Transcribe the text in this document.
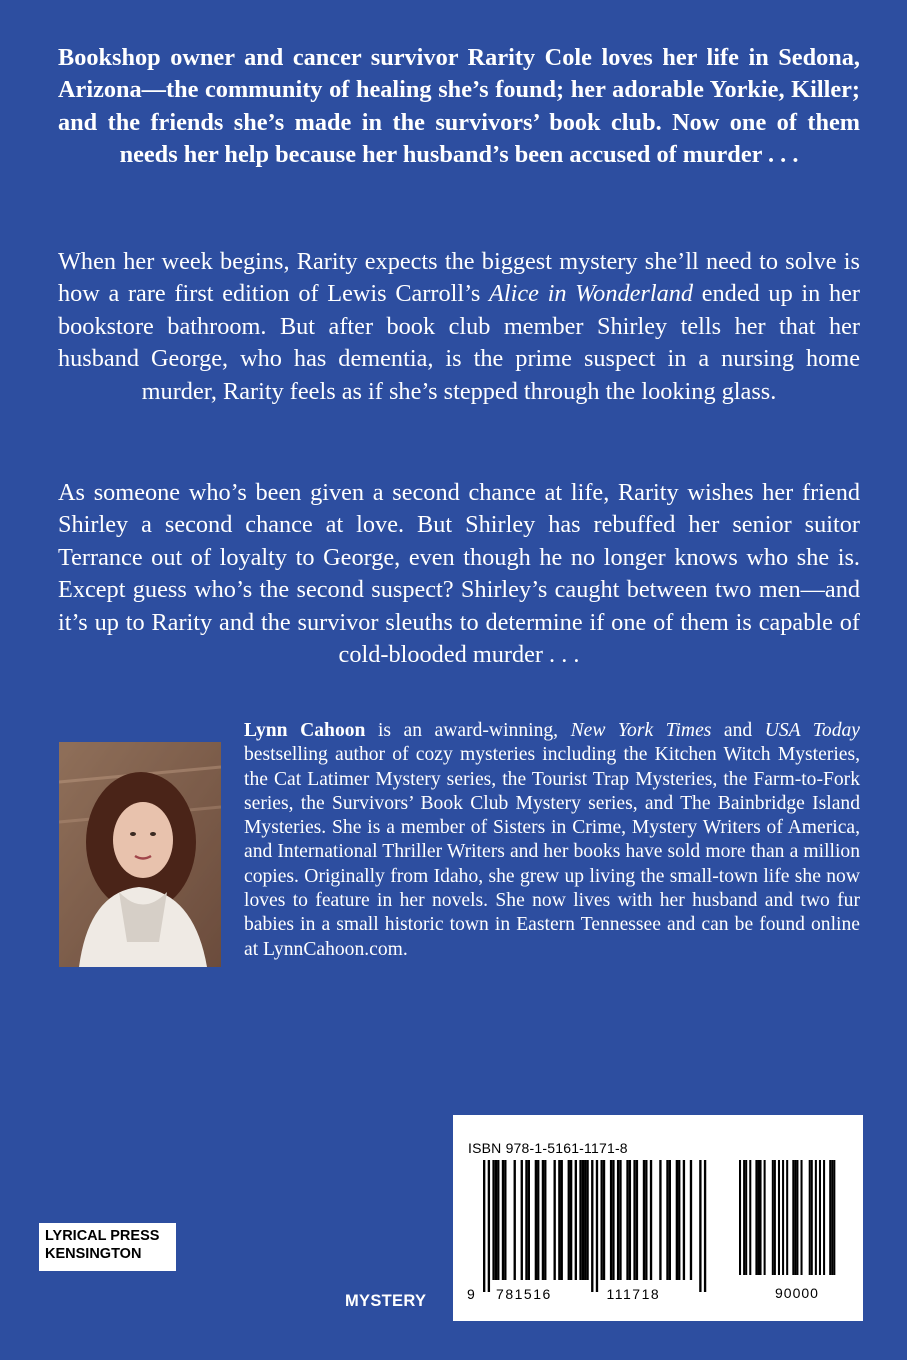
Bookshop owner and cancer survivor Rarity Cole loves her life in Sedona, Arizona—the community of healing she’s found; her adorable Yorkie, Killer; and the friends she’s made in the survivors’ book club. Now one of them needs her help because her husband’s been accused of murder . . .

When her week begins, Rarity expects the biggest mystery she’ll need to solve is how a rare first edition of Lewis Carroll’s Alice in Wonderland ended up in her bookstore bathroom. But after book club member Shirley tells her that her husband George, who has dementia, is the prime suspect in a nursing home murder, Rarity feels as if she’s stepped through the looking glass.

As someone who’s been given a second chance at life, Rarity wishes her friend Shirley a second chance at love. But Shirley has rebuffed her senior suitor Terrance out of loyalty to George, even though he no longer knows who she is. Except guess who’s the second suspect? Shirley’s caught between two men—and it’s up to Rarity and the survivor sleuths to determine if one of them is capable of cold-blooded murder . . .

Lynn Cahoon is an award-winning, New York Times and USA Today bestselling author of cozy mysteries including the Kitchen Witch Mysteries, the Cat Latimer Mystery series, the Tourist Trap Mysteries, the Farm-to-Fork series, the Survivors’ Book Club Mystery series, and The Bainbridge Island Mysteries. She is a member of Sisters in Crime, Mystery Writers of America, and International Thriller Writers and her books have sold more than a million copies. Originally from Idaho, she grew up living the small-town life she now loves to feature in her novels. She now lives with her husband and two fur babies in a small historic town in Eastern Tennessee and can be found online at LynnCahoon.com.

LYRICAL PRESS
KENSINGTON
MYSTERY
ISBN 978-1-5161-1171-8
9 781516	111718	90000
